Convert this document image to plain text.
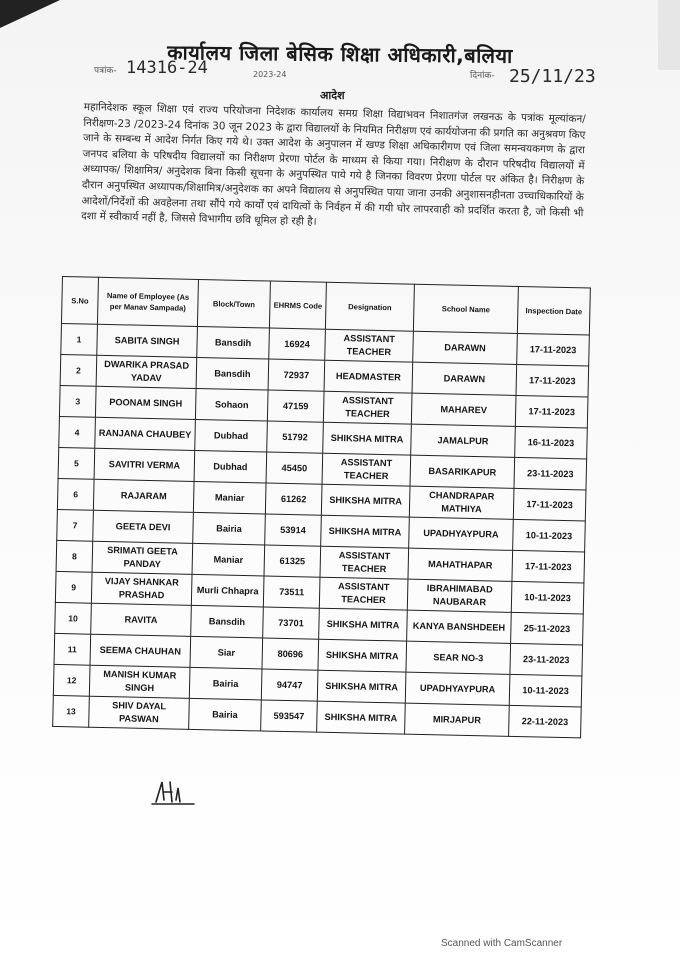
कार्यालय जिला बेसिक शिक्षा अधिकारी,बलिया
पत्रांक- 14316-24	2023-24	दिनांक- 25/11/23
आदेश
महानिदेशक स्कूल शिक्षा एवं राज्य परियोजना निदेशक कार्यालय समग्र शिक्षा विद्याभवन निशातगंज लखनऊ के पत्रांक मूल्यांकन/ निरीक्षण-23 /2023-24 दिनांक 30 जून 2023 के द्वारा विद्यालयों के नियमित निरीक्षण एवं कार्ययोजना की प्रगति का अनुश्रवण किए जाने के सम्बन्ध में आदेश निर्गत किए गये थे। उक्त आदेश के अनुपालन में खण्ड शिक्षा अधिकारीगण एवं जिला समन्वयकगण के द्वारा जनपद बलिया के परिषदीय विद्यालयों का निरीक्षण प्रेरणा पोर्टल के माध्यम से किया गया। निरीक्षण के दौरान परिषदीय विद्यालयों में अध्यापक/ शिक्षामित्र/ अनुदेशक बिना किसी सूचना के अनुपस्थित पाये गये है जिनका विवरण प्रेरणा पोर्टल पर अंकित है। निरीक्षण के दौरान अनुपस्थित अध्यापक/शिक्षामित्र/अनुदेशक का अपने विद्यालय से अनुपस्थित पाया जाना उनकी अनुशासनहीनता उच्चाधिकारियों के आदेशों/निर्देशों की अवहेलना तथा सौंपे गये कार्यों एवं दायित्वों के निर्वहन में की गयी घोर लापरवाही को प्रदर्शित करता है, जो किसी भी दशा में स्वीकार्य नहीं है, जिससे विभागीय छवि धूमिल हो रही है।
S.No	Name of Employee (As per Manav Sampada)	Block/Town	EHRMS Code	Designation	School Name	Inspection Date
1	SABITA SINGH	Bansdih	16924	ASSISTANT TEACHER	DARAWN	17-11-2023
2	DWARIKA PRASAD YADAV	Bansdih	72937	HEADMASTER	DARAWN	17-11-2023
3	POONAM SINGH	Sohaon	47159	ASSISTANT TEACHER	MAHAREV	17-11-2023
4	RANJANA CHAUBEY	Dubhad	51792	SHIKSHA MITRA	JAMALPUR	16-11-2023
5	SAVITRI VERMA	Dubhad	45450	ASSISTANT TEACHER	BASARIKAPUR	23-11-2023
6	RAJARAM	Maniar	61262	SHIKSHA MITRA	CHANDRAPAR MATHIYA	17-11-2023
7	GEETA DEVI	Bairia	53914	SHIKSHA MITRA	UPADHYAYPURA	10-11-2023
8	SRIMATI GEETA PANDAY	Maniar	61325	ASSISTANT TEACHER	MAHATHAPAR	17-11-2023
9	VIJAY SHANKAR PRASHAD	Murli Chhapra	73511	ASSISTANT TEACHER	IBRAHIMABAD NAUBARAR	10-11-2023
10	RAVITA	Bansdih	73701	SHIKSHA MITRA	KANYA BANSHDEEH	25-11-2023
11	SEEMA CHAUHAN	Siar	80696	SHIKSHA MITRA	SEAR NO-3	23-11-2023
12	MANISH KUMAR SINGH	Bairia	94747	SHIKSHA MITRA	UPADHYAYPURA	10-11-2023
13	SHIV DAYAL PASWAN	Bairia	593547	SHIKSHA MITRA	MIRJAPUR	22-11-2023
Scanned with CamScanner
